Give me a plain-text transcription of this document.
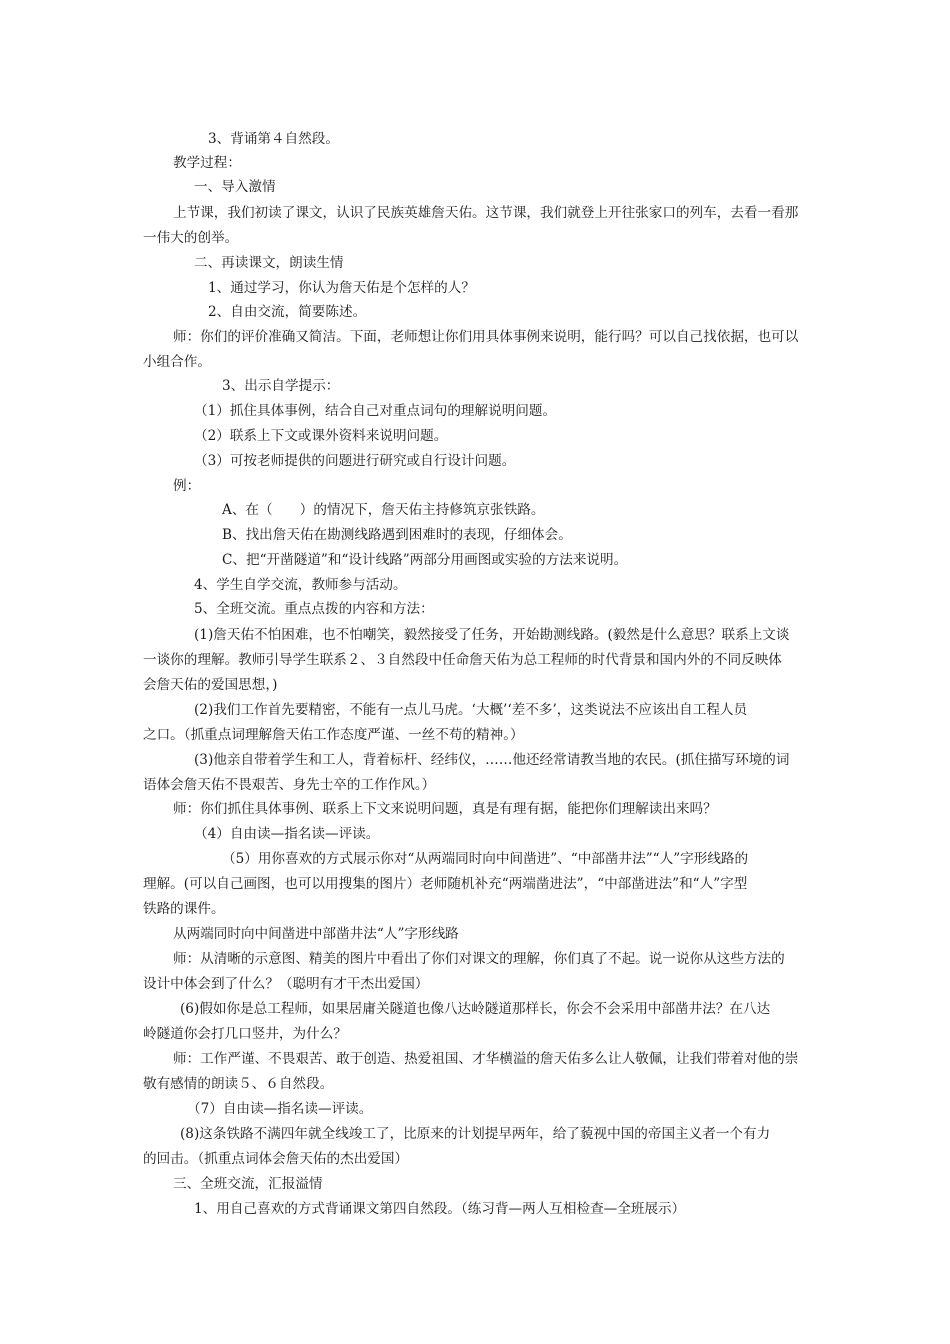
3、背诵第４自然段。
教学过程：
一、导入激情
上节课，我们初读了课文，认识了民族英雄詹天佑。这节课，我们就登上开往张家口的列车，去看一看那
一伟大的创举。
二、再读课文，朗读生情
1、通过学习，你认为詹天佑是个怎样的人？
2、自由交流，简要陈述。
师：你们的评价准确又简洁。下面，老师想让你们用具体事例来说明，能行吗？可以自己找依据，也可以
小组合作。
3、出示自学提示：
（1）抓住具体事例，结合自己对重点词句的理解说明问题。
（2）联系上下文或课外资料来说明问题。
（3）可按老师提供的问题进行研究或自行设计问题。
例：
A、在（　　）的情况下，詹天佑主持修筑京张铁路。
B、找出詹天佑在勘测线路遇到困难时的表现，仔细体会。
C、把“开凿隧道”和“设计线路”两部分用画图或实验的方法来说明。
4、学生自学交流，教师参与活动。
5、全班交流。重点点拨的内容和方法：
(1)詹天佑不怕困难，也不怕嘲笑，毅然接受了任务，开始勘测线路。(毅然是什么意思？联系上文谈
一谈你的理解。教师引导学生联系２、３自然段中任命詹天佑为总工程师的时代背景和国内外的不同反映体
会詹天佑的爱国思想，)
(2)我们工作首先要精密，不能有一点儿马虎。‘大概’‘差不多’，这类说法不应该出自工程人员
之口。（抓重点词理解詹天佑工作态度严谨、一丝不苟的精神。）
(3)他亲自带着学生和工人，背着标杆、经纬仪，……他还经常请教当地的农民。(抓住描写环境的词
语体会詹天佑不畏艰苦、身先士卒的工作作风。）
师：你们抓住具体事例、联系上下文来说明问题，真是有理有据，能把你们理解读出来吗？
（4）自由读—指名读—评读。
（5）用你喜欢的方式展示你对“从两端同时向中间凿进”、“中部凿井法”“人”字形线路的
理解。(可以自己画图，也可以用搜集的图片）老师随机补充“两端凿进法”，“中部凿进法”和“人”字型
铁路的课件。
从两端同时向中间凿进中部凿井法“人”字形线路
师：从清晰的示意图、精美的图片中看出了你们对课文的理解，你们真了不起。说一说你从这些方法的
设计中体会到了什么？（聪明有才干杰出爱国）
(6)假如你是总工程师，如果居庸关隧道也像八达岭隧道那样长，你会不会采用中部凿井法？在八达
岭隧道你会打几口竖井，为什么？
师：工作严谨、不畏艰苦、敢于创造、热爱祖国、才华横溢的詹天佑多么让人敬佩，让我们带着对他的崇
敬有感情的朗读５、６自然段。
（7）自由读—指名读—评读。
(8)这条铁路不满四年就全线竣工了，比原来的计划提早两年，给了藐视中国的帝国主义者一个有力
的回击。（抓重点词体会詹天佑的杰出爱国）
三、全班交流，汇报溢情
1、用自己喜欢的方式背诵课文第四自然段。（练习背—两人互相检查—全班展示）
